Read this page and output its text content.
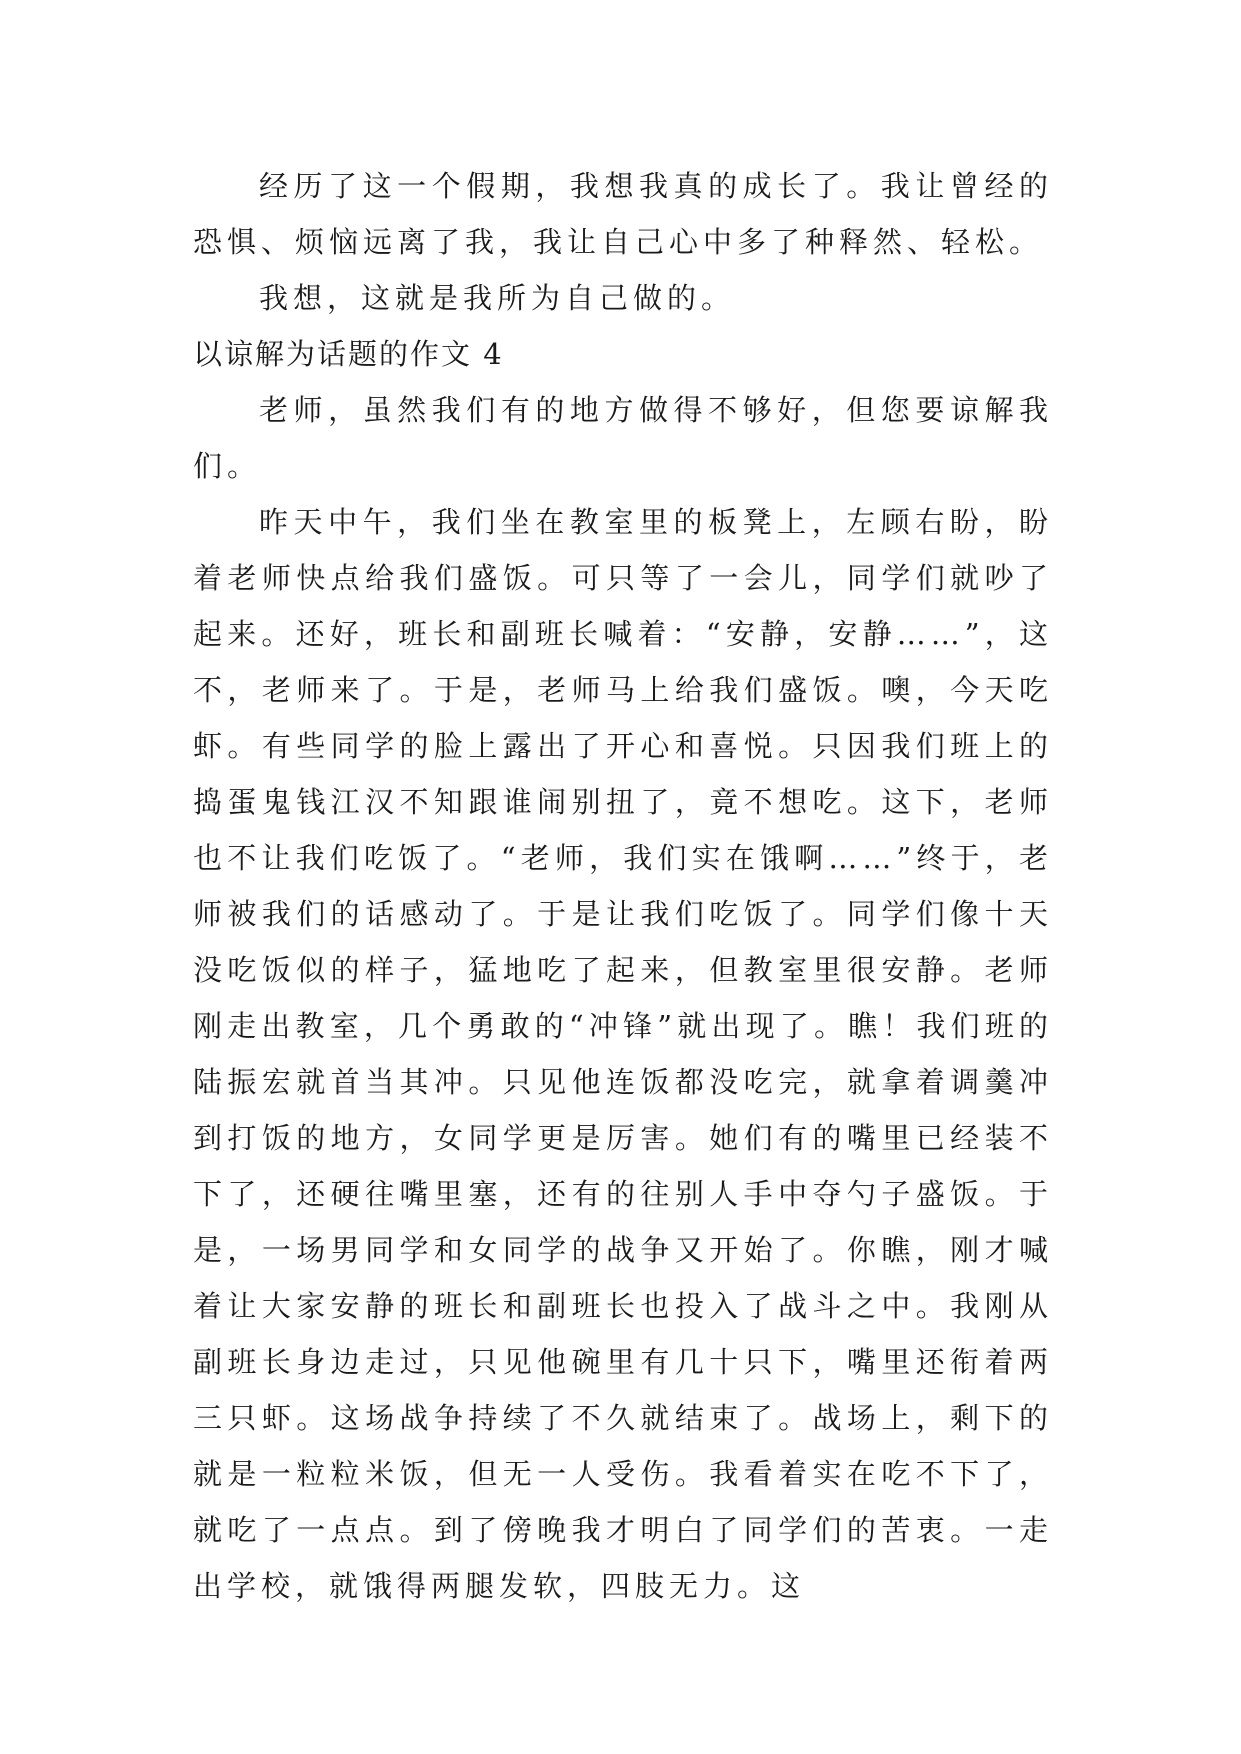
经历了这一个假期，我想我真的成长了。我让曾经的恐惧、烦恼远离了我，我让自己心中多了种释然、轻松。

我想，这就是我所为自己做的。

以谅解为话题的作文 4

老师，虽然我们有的地方做得不够好，但您要谅解我们。

昨天中午，我们坐在教室里的板凳上，左顾右盼，盼着老师快点给我们盛饭。可只等了一会儿，同学们就吵了起来。还好，班长和副班长喊着：“安静，安静……”，这不，老师来了。于是，老师马上给我们盛饭。噢，今天吃虾。有些同学的脸上露出了开心和喜悦。只因我们班上的捣蛋鬼钱江汉不知跟谁闹别扭了，竟不想吃。这下，老师也不让我们吃饭了。“老师，我们实在饿啊……”终于，老师被我们的话感动了。于是让我们吃饭了。同学们像十天没吃饭似的样子，猛地吃了起来，但教室里很安静。老师刚走出教室，几个勇敢的“冲锋”就出现了。瞧！我们班的陆振宏就首当其冲。只见他连饭都没吃完，就拿着调羹冲到打饭的地方，女同学更是厉害。她们有的嘴里已经装不下了，还硬往嘴里塞，还有的往别人手中夺勺子盛饭。于是，一场男同学和女同学的战争又开始了。你瞧，刚才喊着让大家安静的班长和副班长也投入了战斗之中。我刚从副班长身边走过，只见他碗里有几十只下，嘴里还衔着两三只虾。这场战争持续了不久就结束了。战场上，剩下的就是一粒粒米饭，但无一人受伤。我看着实在吃不下了，就吃了一点点。到了傍晚我才明白了同学们的苦衷。一走出学校，就饿得两腿发软，四肢无力。这
